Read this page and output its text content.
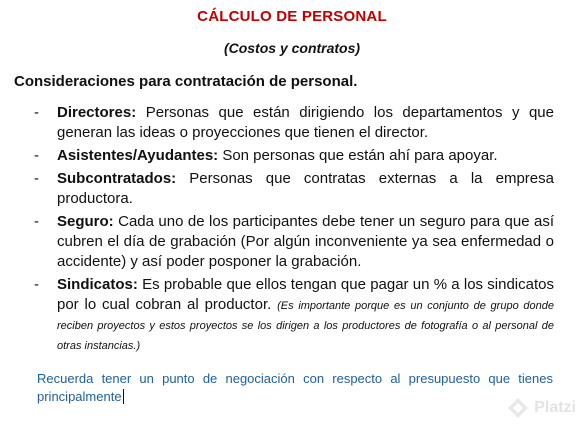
CÁLCULO DE PERSONAL
(Costos y contratos)
Consideraciones para contratación de personal.
- Directores: Personas que están dirigiendo los departamentos y que generan las ideas o proyecciones que tienen el director.
- Asistentes/Ayudantes: Son personas que están ahí para apoyar.
- Subcontratados: Personas que contratas externas a la empresa productora.
- Seguro: Cada uno de los participantes debe tener un seguro para que así cubren el día de grabación (Por algún inconveniente ya sea enfermedad o accidente) y así poder posponer la grabación.
- Sindicatos: Es probable que ellos tengan que pagar un % a los sindicatos por lo cual cobran al productor. (Es importante porque es un conjunto de grupo donde reciben proyectos y estos proyectos se los dirigen a los productores de fotografía o al personal de otras instancias.)
Recuerda tener un punto de negociación con respecto al presupuesto que tienes principalmente
Platzi
